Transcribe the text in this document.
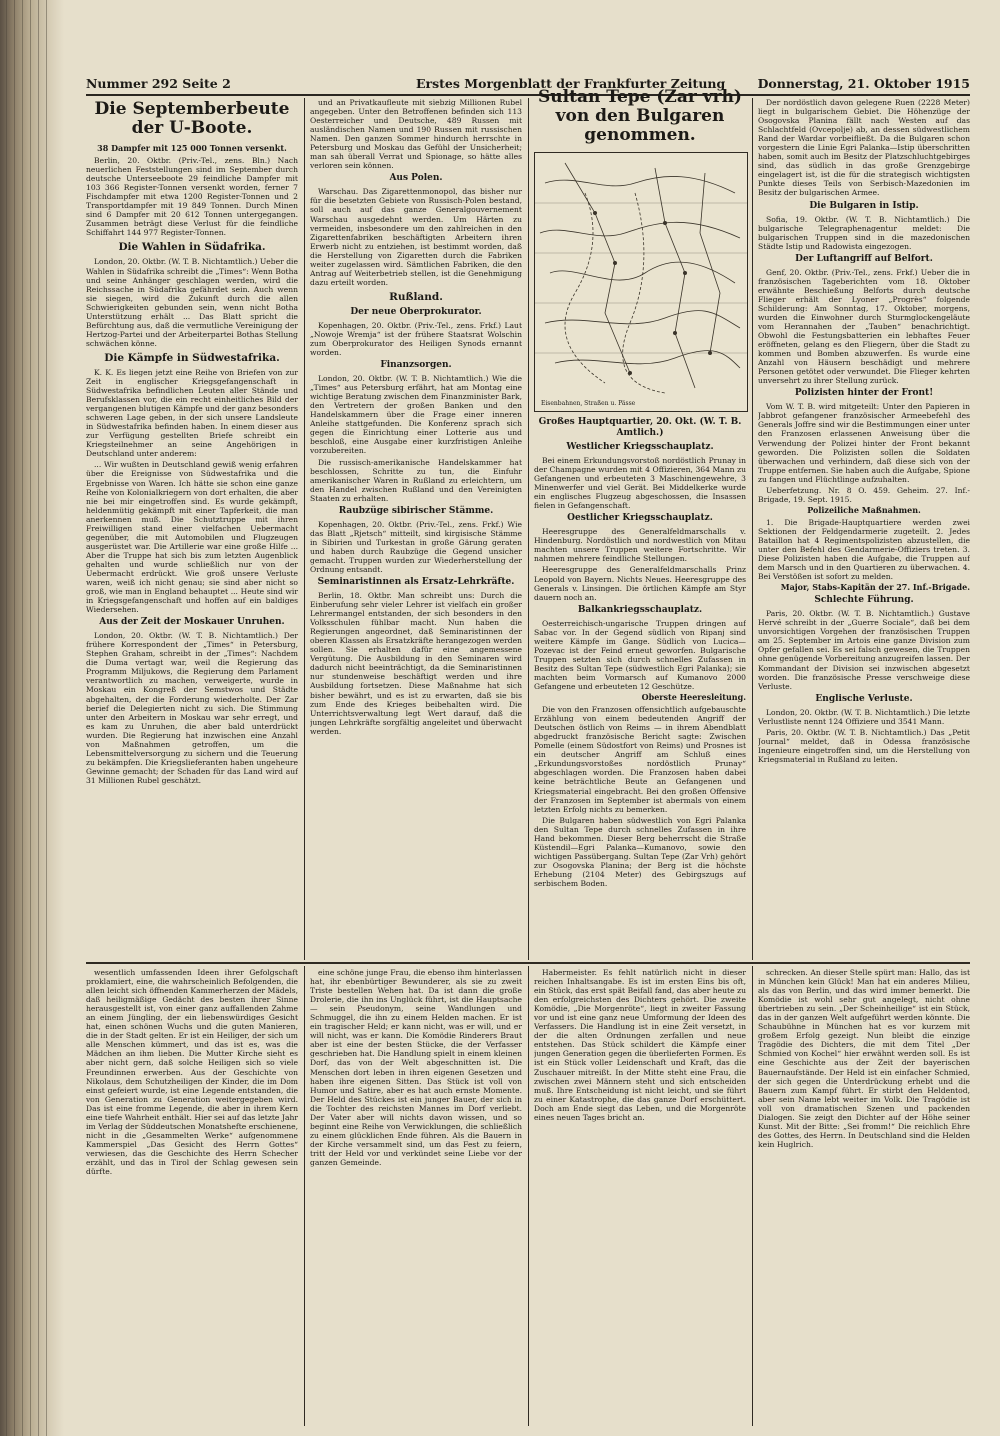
Nummer 292 Seite 2	Erstes Morgenblatt der Frankfurter Zeitung	Donnerstag, 21. Oktober 1915
Die Septemberbeute der U-Boote.
38 Dampfer mit 125 000 Tonnen versenkt.

Berlin, 20. Oktbr. (Priv.-Tel., zens. Bln.) Nach neuerlichen Feststellungen sind im September durch deutsche Unterseeboote 29 feindliche Dampfer mit 103 366 Register-Tonnen versenkt worden, ferner 7 Fischdampfer mit etwa 1200 Register-Tonnen und 2 Transportdampfer mit 19 849 Tonnen. Durch Minen sind 6 Dampfer mit 20 612 Tonnen untergegangen. Zusammen beträgt diese Verlust für die feindliche Schiffahrt 144 977 Register-Tonnen.

Die Wahlen in Südafrika.

London, 20. Oktbr. (W. T. B. Nichtamtlich.) Ueber die Wahlen in Südafrika schreibt die „Times“: Wenn Botha und seine Anhänger geschlagen werden, wird die Reichssache in Südafrika gefährdet sein. Auch wenn sie siegen, wird die Zukunft durch die allen Schwierigkeiten gebunden sein, wenn nicht Botha Unterstützung erhält ... Das Blatt spricht die Befürchtung aus, daß die vermutliche Vereinigung der Hertzog-Partei und der Arbeiterpartei Bothas Stellung schwächen könne.

Die Kämpfe in Südwestafrika.

K. K. Es liegen jetzt eine Reihe von Briefen von zur Zeit in englischer Kriegsgefangenschaft in Südwestafrika befindlichen Leuten aller Stände und Berufsklassen vor, die ein recht einheitliches Bild der vergangenen blutigen Kämpfe und der ganz besonders schweren Lage geben, in der sich unsere Landsleute in Südwestafrika befinden haben. In einem dieser aus zur Verfügung gestellten Briefe schreibt ein Kriegsteilnehmer an seine Angehörigen in Deutschland unter anderem:

... Wir wußten in Deutschland gewiß wenig erfahren über die Ereignisse von Südwestafrika und die Ergebnisse von Waren. Ich hätte sie schon eine ganze Reihe von Kolonialkriegern von dort erhalten, die aber nie bei mir eingetroffen sind. Es wurde gekämpft, heldenmütig gekämpft mit einer Tapferkeit, die man anerkennen muß. Die Schutztruppe mit ihren Freiwilligen stand einer vielfachen Uebermacht gegenüber, die mit Automobilen und Flugzeugen ausgerüstet war. Die Artillerie war eine große Hilfe ... Aber die Truppe hat sich bis zum letzten Augenblick gehalten und wurde schließlich nur von der Uebermacht erdrückt. Wie groß unsere Verluste waren, weiß ich nicht genau; sie sind aber nicht so groß, wie man in England behauptet ... Heute sind wir in Kriegsgefangenschaft und hoffen auf ein baldiges Wiedersehen.

Aus der Zeit der Moskauer Unruhen.

London, 20. Oktbr. (W. T. B. Nichtamtlich.) Der frühere Korrespondent der „Times“ in Petersburg, Stephen Graham, schreibt in der „Times“: Nachdem die Duma vertagt war, weil die Regierung das Programm Miljukows, die Regierung dem Parlament verantwortlich zu machen, verweigerte, wurde in Moskau ein Kongreß der Semstwos und Städte abgehalten, der die Forderung wiederholte. Der Zar berief die Delegierten nicht zu sich. Die Stimmung unter den Arbeitern in Moskau war sehr erregt, und es kam zu Unruhen, die aber bald unterdrückt wurden. Die Regierung hat inzwischen eine Anzahl von Maßnahmen getroffen, um die Lebensmittelversorgung zu sichern und die Teuerung zu bekämpfen. Die Kriegslieferanten haben ungeheure Gewinne gemacht; der Schaden für das Land wird auf 31 Millionen Rubel geschätzt.

und an Privatkaufleute mit siebzig Millionen Rubel angegeben. Unter den Betroffenen befinden sich 113 Oesterreicher und Deutsche, 489 Russen mit ausländischen Namen und 190 Russen mit russischen Namen. Den ganzen Sommer hindurch herrschte in Petersburg und Moskau das Gefühl der Unsicherheit; man sah überall Verrat und Spionage, so hätte alles verloren sein können.

Aus Polen.

Warschau. Das Zigarettenmonopol, das bisher nur für die besetzten Gebiete von Russisch-Polen bestand, soll auch auf das ganze Generalgouvernement Warschau ausgedehnt werden. Um Härten zu vermeiden, insbesondere um den zahlreichen in den Zigarettenfabriken beschäftigten Arbeitern ihren Erwerb nicht zu entziehen, ist bestimmt worden, daß die Herstellung von Zigaretten durch die Fabriken weiter zugelassen wird. Sämtlichen Fabriken, die den Antrag auf Weiterbetrieb stellen, ist die Genehmigung dazu erteilt worden.

Rußland.
Der neue Oberprokurator.

Kopenhagen, 20. Oktbr. (Priv.-Tel., zens. Frkf.) Laut „Nowoje Wremja“ ist der frühere Staatsrat Wolschin zum Oberprokurator des Heiligen Synods ernannt worden.

Finanzsorgen.

London, 20. Oktbr. (W. T. B. Nichtamtlich.) Wie die „Times“ aus Petersburg erfährt, hat am Montag eine wichtige Beratung zwischen dem Finanzminister Bark, den Vertretern der großen Banken und den Handelskammern über die Frage einer inneren Anleihe stattgefunden. Die Konferenz sprach sich gegen die Einrichtung einer Lotterie aus und beschloß, eine Ausgabe einer kurzfristigen Anleihe vorzubereiten.

Die russisch-amerikanische Handelskammer hat beschlossen, Schritte zu tun, die Einfuhr amerikanischer Waren in Rußland zu erleichtern, um den Handel zwischen Rußland und den Vereinigten Staaten zu erhalten.

Raubzüge sibirischer Stämme.

Kopenhagen, 20. Oktbr. (Priv.-Tel., zens. Frkf.) Wie das Blatt „Rjetsch“ mitteilt, sind kirgisische Stämme in Sibirien und Turkestan in große Gärung geraten und haben durch Raubzüge die Gegend unsicher gemacht. Truppen wurden zur Wiederherstellung der Ordnung entsandt.

Seminaristinnen als Ersatz-Lehrkräfte.

Berlin, 18. Oktbr. Man schreibt uns: Durch die Einberufung sehr vieler Lehrer ist vielfach ein großer Lehrermangel entstanden, der sich besonders in den Volksschulen fühlbar macht. Nun haben die Regierungen angeordnet, daß Seminaristinnen der oberen Klassen als Ersatzkräfte herangezogen werden sollen. Sie erhalten dafür eine angemessene Vergütung. Die Ausbildung in den Seminaren wird dadurch nicht beeinträchtigt, da die Seminaristinnen nur stundenweise beschäftigt werden und ihre Ausbildung fortsetzen. Diese Maßnahme hat sich bisher bewährt, und es ist zu erwarten, daß sie bis zum Ende des Krieges beibehalten wird. Die Unterrichtsverwaltung legt Wert darauf, daß die jungen Lehrkräfte sorgfältig angeleitet und überwacht werden.

Sultan Tepe (Zar vrh) von den Bulgaren genommen.
Eisenbahnen, Straßen u. Pässe
Großes Hauptquartier, 20. Okt. (W. T. B. Amtlich.)
Westlicher Kriegsschauplatz.

Bei einem Erkundungsvorstoß nordöstlich Prunay in der Champagne wurden mit 4 Offizieren, 364 Mann zu Gefangenen und erbeuteten 3 Maschinengewehre, 3 Minenwerfer und viel Gerät. Bei Middelkerke wurde ein englisches Flugzeug abgeschossen, die Insassen fielen in Gefangenschaft.

Oestlicher Kriegsschauplatz.

Heeresgruppe des Generalfeldmarschalls v. Hindenburg. Nordöstlich und nordwestlich von Mitau machten unsere Truppen weitere Fortschritte. Wir nahmen mehrere feindliche Stellungen.

Heeresgruppe des Generalfeldmarschalls Prinz Leopold von Bayern. Nichts Neues. Heeresgruppe des Generals v. Linsingen. Die örtlichen Kämpfe am Styr dauern noch an.

Balkankriegsschauplatz.

Oesterreichisch-ungarische Truppen dringen auf Sabac vor. In der Gegend südlich von Ripanj sind weitere Kämpfe im Gange. Südlich von Lucica—Pozevac ist der Feind erneut geworfen. Bulgarische Truppen setzten sich durch schnelles Zufassen in Besitz des Sultan Tepe (südwestlich Egri Palanka); sie machten beim Vormarsch auf Kumanovo 2000 Gefangene und erbeuteten 12 Geschütze.

Oberste Heeresleitung.

Die von den Franzosen offensichtlich aufgebauschte Erzählung von einem bedeutenden Angriff der Deutschen östlich von Reims — in ihrem Abendblatt abgedruckt französische Bericht sagte: Zwischen Pomelle (einem Südostfort von Reims) und Prosnes ist ein deutscher Angriff am Schluß eines „Erkundungsvorstoßes nordöstlich Prunay“ abgeschlagen worden. Die Franzosen haben dabei keine beträchtliche Beute an Gefangenen und Kriegsmaterial eingebracht. Bei den großen Offensive der Franzosen im September ist abermals von einem letzten Erfolg nichts zu bemerken.

Die Bulgaren haben südwestlich von Egri Palanka den Sultan Tepe durch schnelles Zufassen in ihre Hand bekommen. Dieser Berg beherrscht die Straße Küstendil—Egri Palanka—Kumanovo, sowie den wichtigen Passübergang. Sultan Tepe (Zar Vrh) gehört zur Osogovska Planina; der Berg ist die höchste Erhebung (2104 Meter) des Gebirgszugs auf serbischem Boden.

Der nordöstlich davon gelegene Ruen (2228 Meter) liegt in bulgarischem Gebiet. Die Höhenzüge der Osogovska Planina fällt nach Westen auf das Schlachtfeld (Ovcepolje) ab, an dessen südwestlichem Rand der Wardar vorbeifließt. Da die Bulgaren schon vorgestern die Linie Egri Palanka—Istip überschritten haben, somit auch im Besitz der Platzschluchtgebirges sind, das südlich in das große Grenzgebirge eingelagert ist, ist die für die strategisch wichtigsten Punkte dieses Teils von Serbisch-Mazedonien im Besitz der bulgarischen Armee.

Die Bulgaren in Istip.

Sofia, 19. Oktbr. (W. T. B. Nichtamtlich.) Die bulgarische Telegraphenagentur meldet: Die bulgarischen Truppen sind in die mazedonischen Städte Istip und Radowista eingezogen.

Der Luftangriff auf Belfort.

Genf, 20. Oktbr. (Priv.-Tel., zens. Frkf.) Ueber die in französischen Tageberichten vom 18. Oktober erwähnte Beschießung Belforts durch deutsche Flieger erhält der Lyoner „Progrès“ folgende Schilderung: Am Sonntag, 17. Oktober, morgens, wurden die Einwohner durch Sturmglockengeläute vom Herannahen der „Tauben“ benachrichtigt. Obwohl die Festungsbatterien ein lebhaftes Feuer eröffneten, gelang es den Fliegern, über die Stadt zu kommen und Bomben abzuwerfen. Es wurde eine Anzahl von Häusern beschädigt und mehrere Personen getötet oder verwundet. Die Flieger kehrten unversehrt zu ihrer Stellung zurück.

Polizisten hinter der Front!

Vom W. T. B. wird mitgeteilt: Unter den Papieren in Jabbrot gefangener französischer Armeebefehl des Generals Joffre sind wir die Bestimmungen einer unter den Franzosen erlassenen Anweisung über die Verwendung der Polizei hinter der Front bekannt geworden. Die Polizisten sollen die Soldaten überwachen und verhindern, daß diese sich von der Truppe entfernen. Sie haben auch die Aufgabe, Spione zu fangen und Flüchtlinge aufzuhalten.

Ueberfetzung. Nr. 8 O. 459. Geheim. 27. Inf.-Brigade, 19. Sept. 1915.

Polizeiliche Maßnahmen.

1. Die Brigade-Hauptquartiere werden zwei Sektionen der Feldgendarmerie zugeteilt. 2. Jedes Bataillon hat 4 Regimentspolizisten abzustellen, die unter den Befehl des Gendarmerie-Offiziers treten. 3. Diese Polizisten haben die Aufgabe, die Truppen auf dem Marsch und in den Quartieren zu überwachen. 4. Bei Verstößen ist sofort zu melden.

Major, Stabs-Kapitän der 27. Inf.-Brigade.
Schlechte Führung.

Paris, 20. Oktbr. (W. T. B. Nichtamtlich.) Gustave Hervé schreibt in der „Guerre Sociale“, daß bei dem unvorsichtigen Vorgehen der französischen Truppen am 25. September im Artois eine ganze Division zum Opfer gefallen sei. Es sei falsch gewesen, die Truppen ohne genügende Vorbereitung anzugreifen lassen. Der Kommandant der Division sei inzwischen abgesetzt worden. Die französische Presse verschweige diese Verluste.

Englische Verluste.

London, 20. Oktbr. (W. T. B. Nichtamtlich.) Die letzte Verlustliste nennt 124 Offiziere und 3541 Mann.

Paris, 20. Oktbr. (W. T. B. Nichtamtlich.) Das „Petit Journal“ meldet, daß in Odessa französische Ingenieure eingetroffen sind, um die Herstellung von Kriegsmaterial in Rußland zu leiten.

wesentlich umfassenden Ideen ihrer Gefolgschaft proklamiert, eine, die wahrscheinlich Befolgenden, die allen leicht sich öffnenden Kammerherzen der Mädels, daß heiligmäßige Gedächt des besten ihrer Sinne herausgestellt ist, von einer ganz auffallenden Zahme an einem Jüngling, der ein liebenswürdiges Gesicht hat, einen schönen Wuchs und die guten Manieren, die in der Stadt gelten. Er ist ein Heiliger, der sich um alle Menschen kümmert, und das ist es, was die Mädchen an ihm lieben. Die Mutter Kirche sieht es aber nicht gern, daß solche Heiligen sich so viele Freundinnen erwerben. Aus der Geschichte von Nikolaus, dem Schutzheiligen der Kinder, die im Dom einst gefeiert wurde, ist eine Legende entstanden, die von Generation zu Generation weitergegeben wird. Das ist eine fromme Legende, die aber in ihrem Kern eine tiefe Wahrheit enthält. Hier sei auf das letzte Jahr im Verlag der Süddeutschen Monatshefte erschienene, nicht in die „Gesammelten Werke“ aufgenommene Kammerspiel „Das Gesicht des Herrn Gottes“ verwiesen, das die Geschichte des Herrn Schecher erzählt, und das in Tirol der Schlag gewesen sein dürfte.

eine schöne junge Frau, die ebenso ihm hinterlassen hat, ihr ebenbürtiger Bewunderer, als sie zu zweit Triste bestellen Wehen hat. Da ist dann die große Drolerie, die ihn ins Unglück führt, ist die Hauptsache — sein Pseudonym, seine Wandlungen und Schmuggel, die ihn zu einem Helden machen. Er ist ein tragischer Held; er kann nicht, was er will, und er will nicht, was er kann. Die Komödie Rinderers Braut aber ist eine der besten Stücke, die der Verfasser geschrieben hat. Die Handlung spielt in einem kleinen Dorf, das von der Welt abgeschnitten ist. Die Menschen dort leben in ihren eigenen Gesetzen und haben ihre eigenen Sitten. Das Stück ist voll von Humor und Satire, aber es hat auch ernste Momente. Der Held des Stückes ist ein junger Bauer, der sich in die Tochter des reichsten Mannes im Dorf verliebt. Der Vater aber will nichts davon wissen, und so beginnt eine Reihe von Verwicklungen, die schließlich zu einem glücklichen Ende führen. Als die Bauern in der Kirche versammelt sind, um das Fest zu feiern, tritt der Held vor und verkündet seine Liebe vor der ganzen Gemeinde.

Habermeister. Es fehlt natürlich nicht in dieser reichen Inhaltsangabe. Es ist im ersten Eins bis oft, ein Stück, das erst spät Beifall fand, das aber heute zu den erfolgreichsten des Dichters gehört. Die zweite Komödie, „Die Morgenröte“, liegt in zweiter Fassung vor und ist eine ganz neue Umformung der Ideen des Verfassers. Die Handlung ist in eine Zeit versetzt, in der die alten Ordnungen zerfallen und neue entstehen. Das Stück schildert die Kämpfe einer jungen Generation gegen die überlieferten Formen. Es ist ein Stück voller Leidenschaft und Kraft, das die Zuschauer mitreißt. In der Mitte steht eine Frau, die zwischen zwei Männern steht und sich entscheiden muß. Ihre Entscheidung ist nicht leicht, und sie führt zu einer Katastrophe, die das ganze Dorf erschüttert. Doch am Ende siegt das Leben, und die Morgenröte eines neuen Tages bricht an.

schrecken. An dieser Stelle spürt man: Hallo, das ist in München kein Glück! Man hat ein anderes Milieu, als das von Berlin, und das wird immer bemerkt. Die Komödie ist wohl sehr gut angelegt, nicht ohne übertrieben zu sein. „Der Scheinheilige“ ist ein Stück, das in der ganzen Welt aufgeführt werden könnte. Die Schaubühne in München hat es vor kurzem mit großem Erfolg gezeigt. Nun bleibt die einzige Tragödie des Dichters, die mit dem Titel „Der Schmied von Kochel“ hier erwähnt werden soll. Es ist eine Geschichte aus der Zeit der bayerischen Bauernaufstände. Der Held ist ein einfacher Schmied, der sich gegen die Unterdrückung erhebt und die Bauern zum Kampf führt. Er stirbt den Heldentod, aber sein Name lebt weiter im Volk. Die Tragödie ist voll von dramatischen Szenen und packenden Dialogen. Sie zeigt den Dichter auf der Höhe seiner Kunst. Mit der Bitte: „Sei fromm!“ Die reichlich Ehre des Gottes, des Herrn. In Deutschland sind die Helden kein Huglrich.
